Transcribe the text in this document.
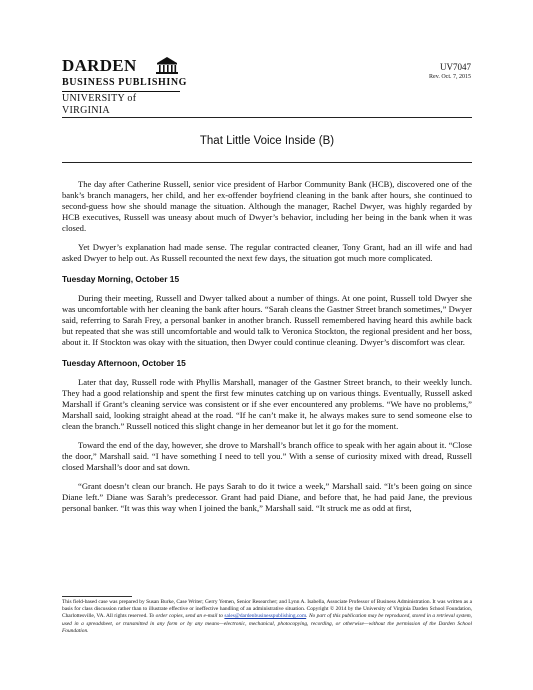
DARDEN
BUSINESS PUBLISHING
UNIVERSITY of VIRGINIA
UV7047
Rev. Oct. 7, 2015
That Little Voice Inside (B)

The day after Catherine Russell, senior vice president of Harbor Community Bank (HCB), discovered one of the bank’s branch managers, her child, and her ex-offender boyfriend cleaning in the bank after hours, she continued to second-guess how she should manage the situation. Although the manager, Rachel Dwyer, was highly regarded by HCB executives, Russell was uneasy about much of Dwyer’s behavior, including her being in the bank when it was closed.

Yet Dwyer’s explanation had made sense. The regular contracted cleaner, Tony Grant, had an ill wife and had asked Dwyer to help out. As Russell recounted the next few days, the situation got much more complicated.

Tuesday Morning, October 15

During their meeting, Russell and Dwyer talked about a number of things. At one point, Russell told Dwyer she was uncomfortable with her cleaning the bank after hours. “Sarah cleans the Gastner Street branch sometimes,” Dwyer said, referring to Sarah Frey, a personal banker in another branch. Russell remembered having heard this awhile back but repeated that she was still uncomfortable and would talk to Veronica Stockton, the regional president and her boss, about it. If Stockton was okay with the situation, then Dwyer could continue cleaning. Dwyer’s discomfort was clear.

Tuesday Afternoon, October 15

Later that day, Russell rode with Phyllis Marshall, manager of the Gastner Street branch, to their weekly lunch. They had a good relationship and spent the first few minutes catching up on various things. Eventually, Russell asked Marshall if Grant’s cleaning service was consistent or if she ever encountered any problems. “We have no problems,” Marshall said, looking straight ahead at the road. “If he can’t make it, he always makes sure to send someone else to clean the branch.” Russell noticed this slight change in her demeanor but let it go for the moment.

Toward the end of the day, however, she drove to Marshall’s branch office to speak with her again about it. “Close the door,” Marshall said. “I have something I need to tell you.” With a sense of curiosity mixed with dread, Russell closed Marshall’s door and sat down.

“Grant doesn’t clean our branch. He pays Sarah to do it twice a week,” Marshall said. “It’s been going on since Diane left.” Diane was Sarah’s predecessor. Grant had paid Diane, and before that, he had paid Jane, the previous personal banker. “It was this way when I joined the bank,” Marshall said. “It struck me as odd at first,

This field-based case was prepared by Susan Burke, Case Writer; Gerry Yemen, Senior Researcher; and Lynn A. Isabella, Associate Professor of Business Administration. It was written as a basis for class discussion rather than to illustrate effective or ineffective handling of an administrative situation. Copyright © 2014 by the University of Virginia Darden School Foundation, Charlottesville, VA. All rights reserved. To order copies, send an e-mail to sales@dardenbusinesspublishing.com. No part of this publication may be reproduced, stored in a retrieval system, used in a spreadsheet, or transmitted in any form or by any means—electronic, mechanical, photocopying, recording, or otherwise—without the permission of the Darden School Foundation.
